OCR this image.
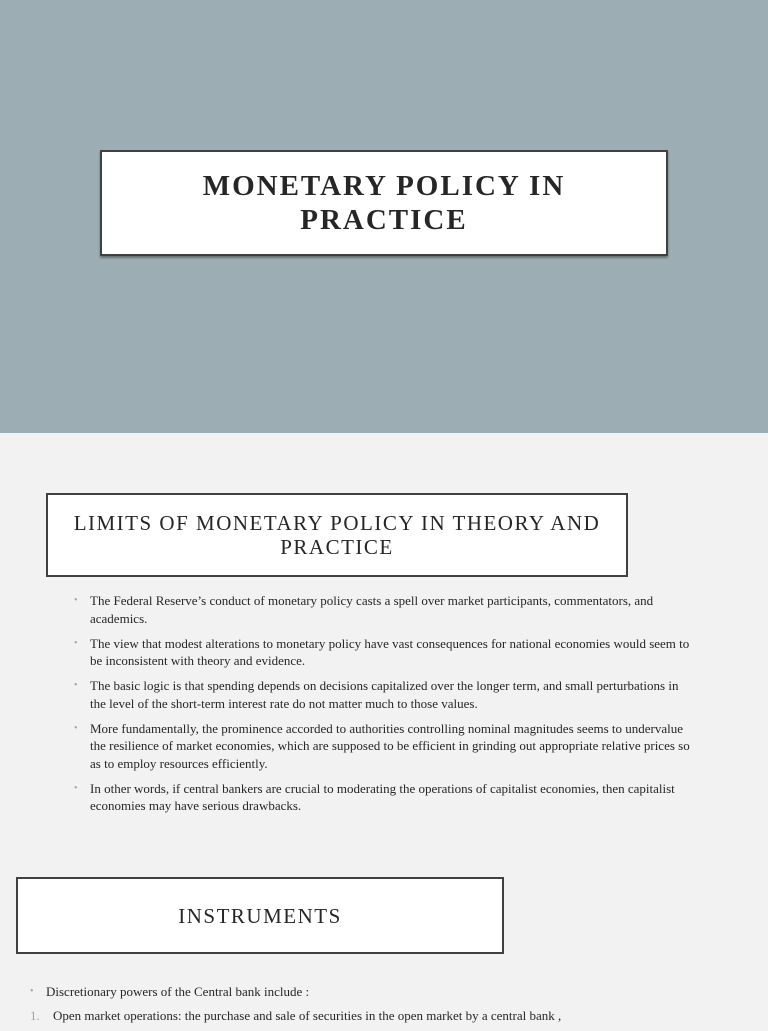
MONETARY POLICY IN
PRACTICE
LIMITS OF MONETARY POLICY IN THEORY AND PRACTICE
• The Federal Reserve’s conduct of monetary policy casts a spell over market participants, commentators, and academics.
• The view that modest alterations to monetary policy have vast consequences for national economies would seem to be inconsistent with theory and evidence.
• The basic logic is that spending depends on decisions capitalized over the longer term, and small perturbations in the level of the short-term interest rate do not matter much to those values.
• More fundamentally, the prominence accorded to authorities controlling nominal magnitudes seems to undervalue the resilience of market economies, which are supposed to be efficient in grinding out appropriate relative prices so as to employ resources efficiently.
• In other words, if central bankers are crucial to moderating the operations of capitalist economies, then capitalist economies may have serious drawbacks.
INSTRUMENTS
• Discretionary powers of the Central bank include :
1. Open market operations: the purchase and sale of securities in the open market by a central bank ,
